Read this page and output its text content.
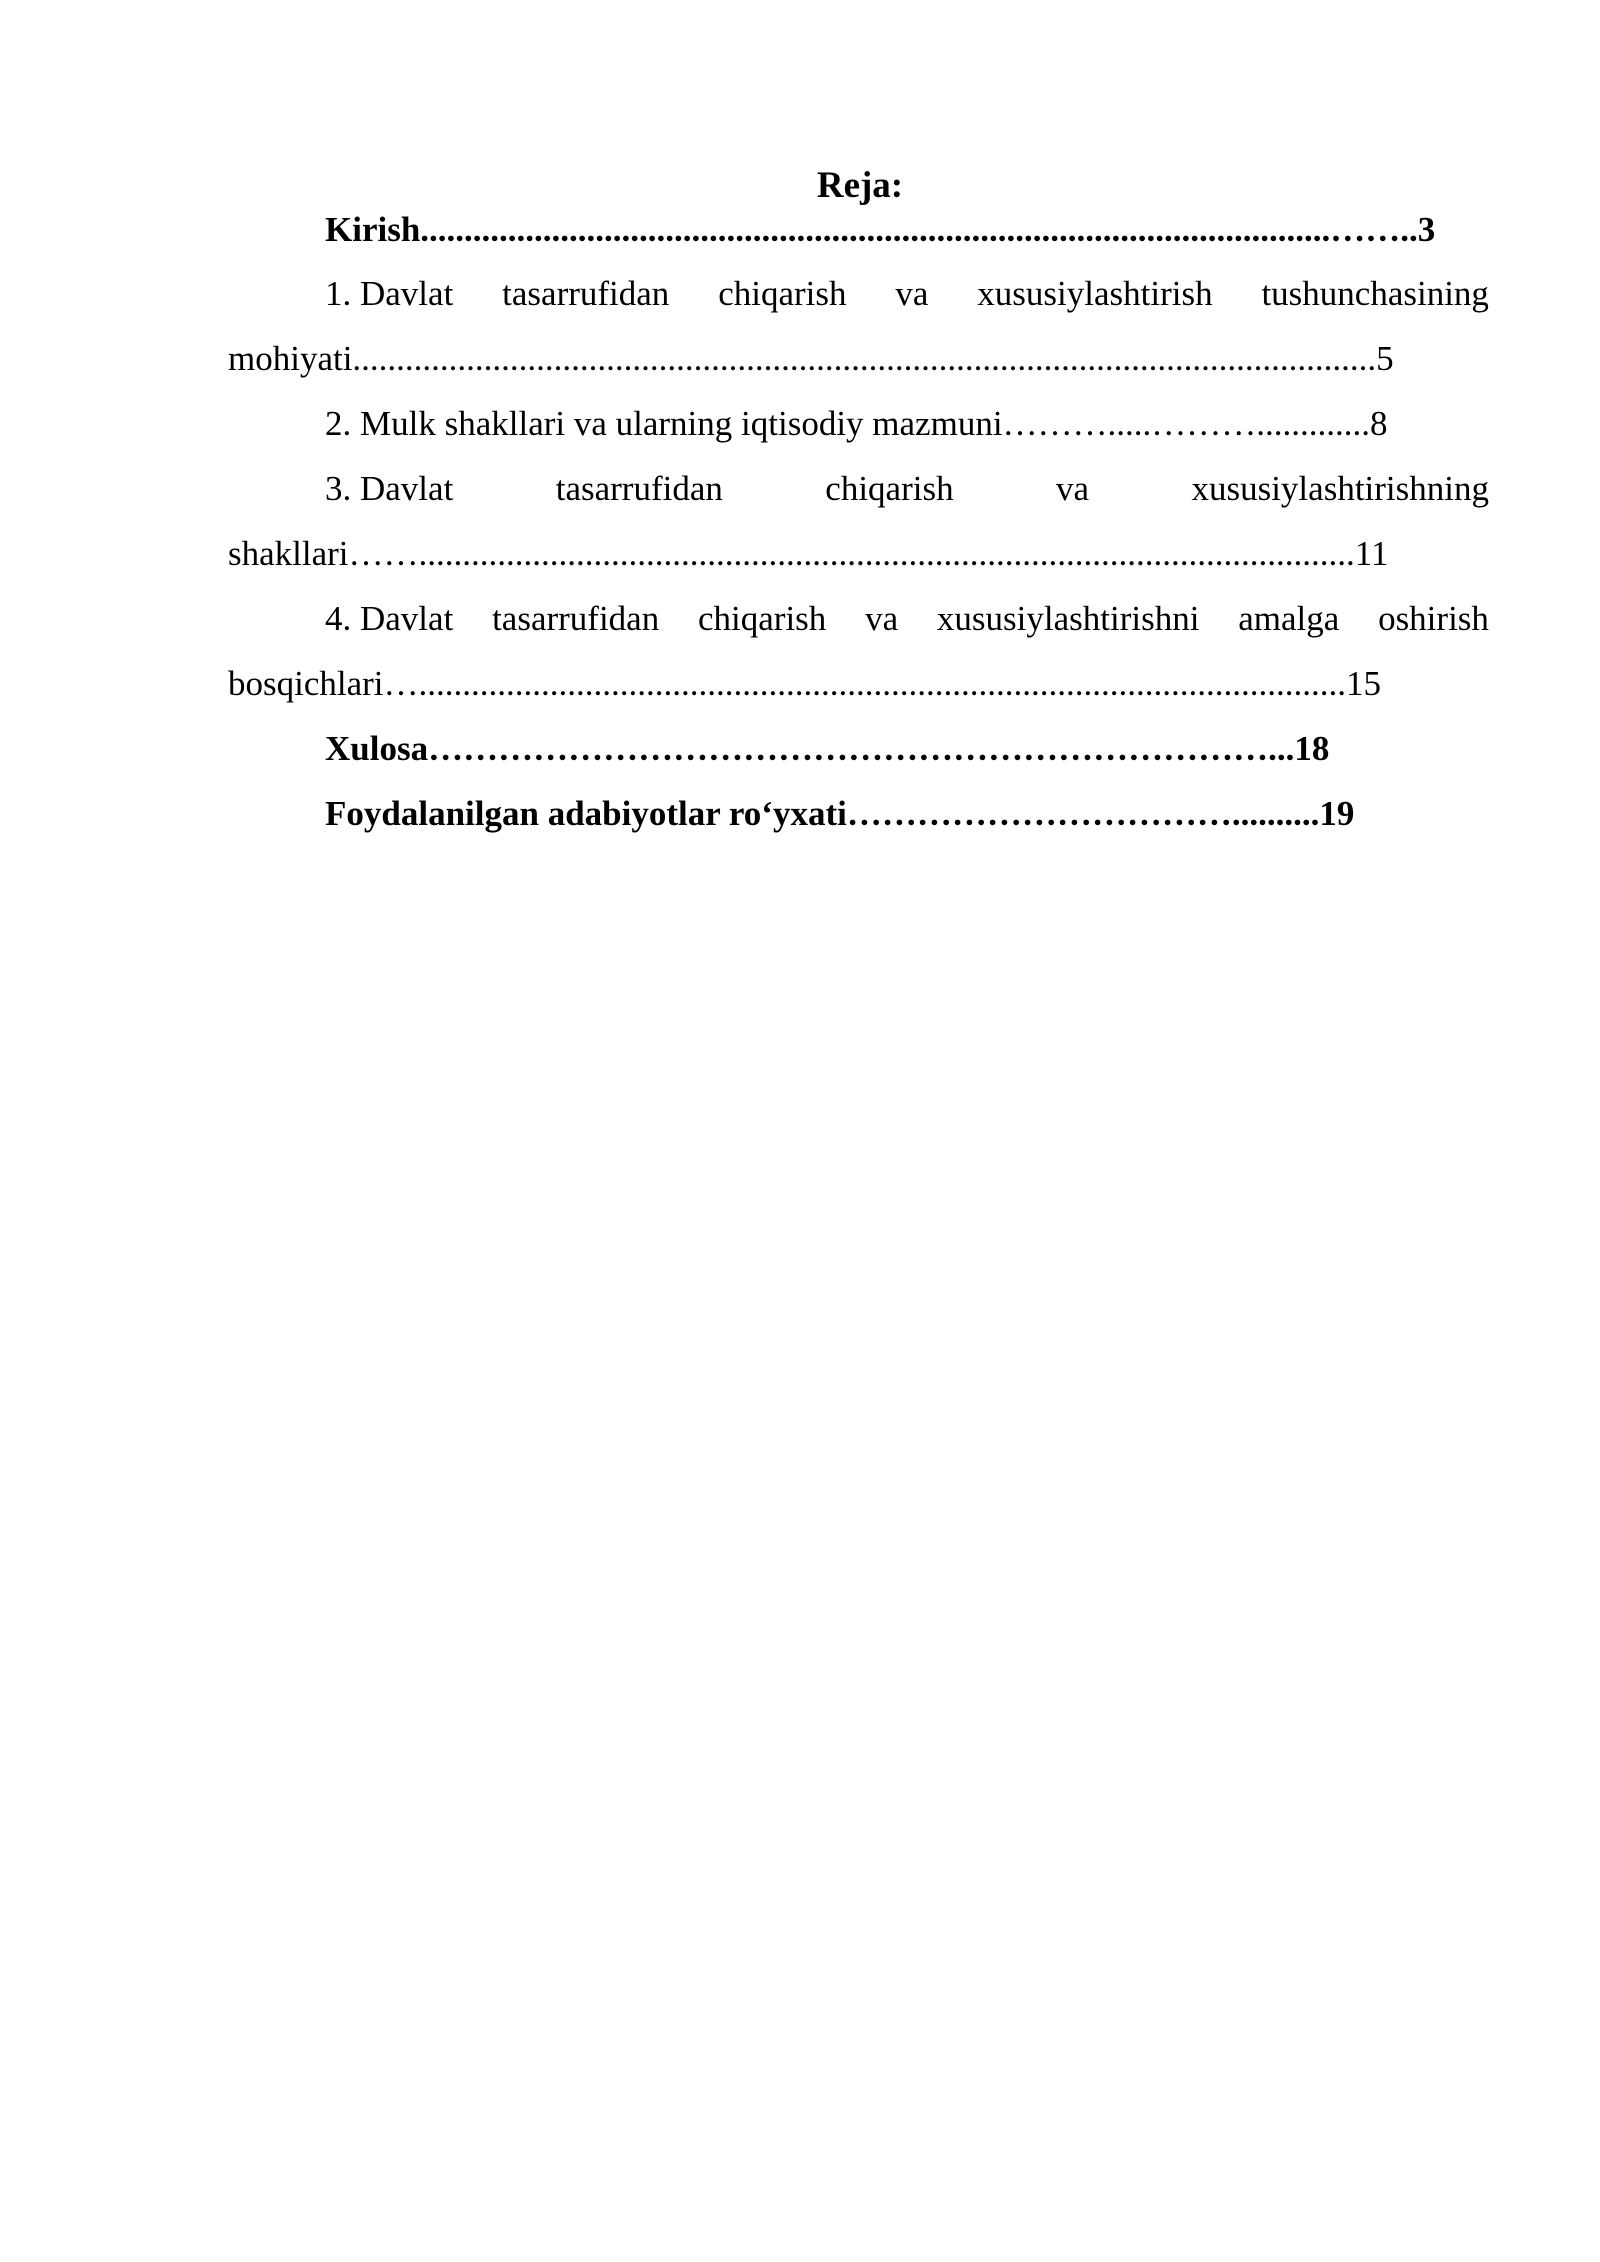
Reja:
Kirish........................................................................................................……..3
1. Davlat tasarrufidan chiqarish va xususiylashtirish tushunchasining
mohiyati.....................................................................................................................5
2. Mulk shakllari va ularning iqtisodiy mazmuni……….....……….............8
3. Davlat	tasarrufidan	chiqarish	va	xususiylashtirishning
shakllari……...........................................................................................................11
4. Davlat tasarrufidan chiqarish va xususiylashtirishni amalga oshirish
bosqichlari…..........................................................................................................15
Xulosa………………………………………………………………...18
Foydalanilgan adabiyotlar ro‘yxati……………………………..........19
